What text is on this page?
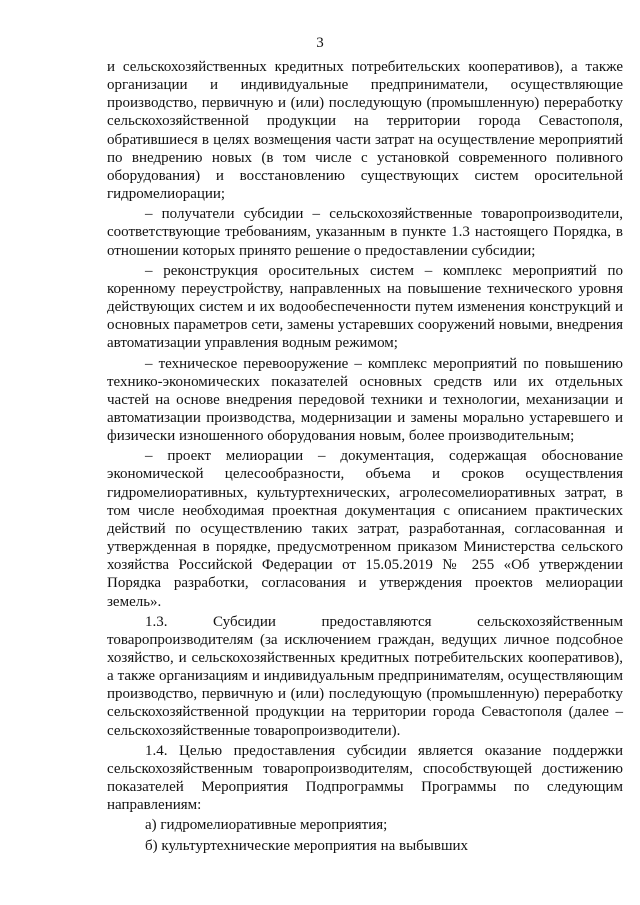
3

и сельскохозяйственных кредитных потребительских кооперативов), а также организации и индивидуальные предприниматели, осуществляющие производство, первичную и (или) последующую (промышленную) переработку сельскохозяйственной продукции на территории города Севастополя, обратившиеся в целях возмещения части затрат на осуществление мероприятий по внедрению новых (в том числе с установкой современного поливного оборудования) и восстановлению существующих систем оросительной гидромелиорации;

– получатели субсидии – сельскохозяйственные товаропроизводители, соответствующие требованиям, указанным в пункте 1.3 настоящего Порядка, в отношении которых принято решение о предоставлении субсидии;

– реконструкция оросительных систем – комплекс мероприятий по коренному переустройству, направленных на повышение технического уровня действующих систем и их водообеспеченности путем изменения конструкций и основных параметров сети, замены устаревших сооружений новыми, внедрения автоматизации управления водным режимом;

– техническое перевооружение – комплекс мероприятий по повышению технико-экономических показателей основных средств или их отдельных частей на основе внедрения передовой техники и технологии, механизации и автоматизации производства, модернизации и замены морально устаревшего и физически изношенного оборудования новым, более производительным;

– проект мелиорации – документация, содержащая обоснование экономической целесообразности, объема и сроков осуществления гидромелиоративных, культуртехнических, агролесомелиоративных затрат, в том числе необходимая проектная документация с описанием практических действий по осуществлению таких затрат, разработанная, согласованная и утвержденная в порядке, предусмотренном приказом Министерства сельского хозяйства Российской Федерации от 15.05.2019 № 255 «Об утверждении Порядка разработки, согласования и утверждения проектов мелиорации земель».

1.3. Субсидии предоставляются сельскохозяйственным товаропроизводителям (за исключением граждан, ведущих личное подсобное хозяйство, и сельскохозяйственных кредитных потребительских кооперативов), а также организациям и индивидуальным предпринимателям, осуществляющим производство, первичную и (или) последующую (промышленную) переработку сельскохозяйственной продукции на территории города Севастополя (далее – сельскохозяйственные товаропроизводители).

1.4. Целью предоставления субсидии является оказание поддержки сельскохозяйственным товаропроизводителям, способствующей достижению показателей Мероприятия Подпрограммы Программы по следующим направлениям:

а) гидромелиоративные мероприятия;

б) культуртехнические мероприятия на выбывших
